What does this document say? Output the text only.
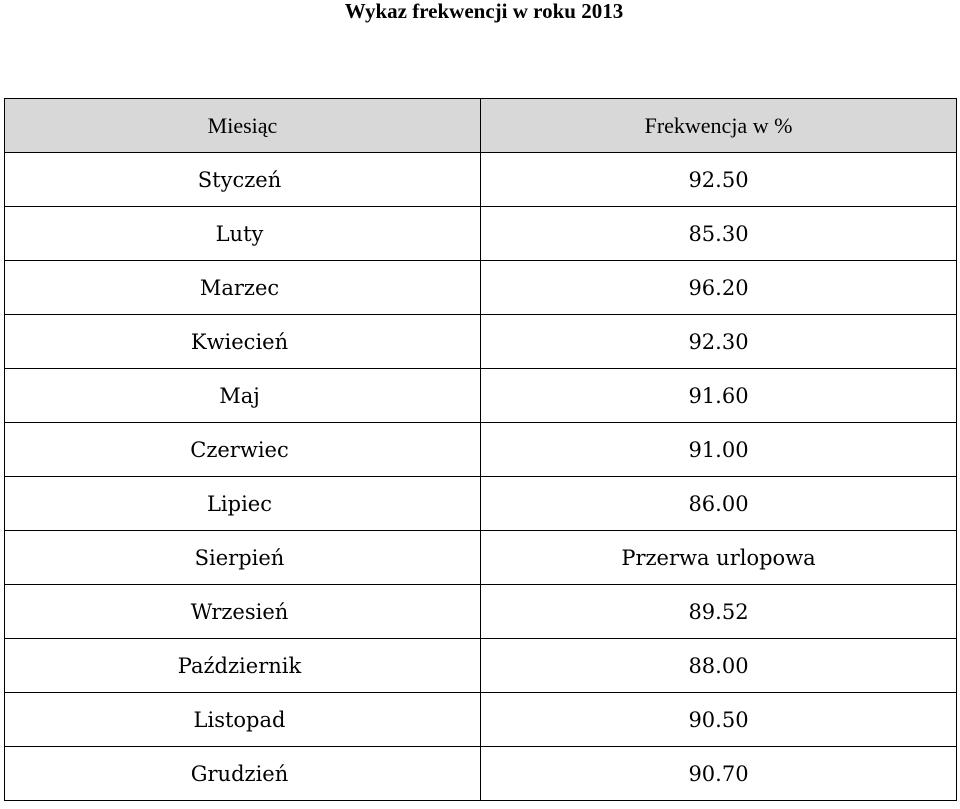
Wykaz frekwencji w roku 2013
Miesiąc	Frekwencja w %
Styczeń	92.50
Luty	85.30
Marzec	96.20
Kwiecień	92.30
Maj	91.60
Czerwiec	91.00
Lipiec	86.00
Sierpień	Przerwa urlopowa
Wrzesień	89.52
Październik	88.00
Listopad	90.50
Grudzień	90.70
